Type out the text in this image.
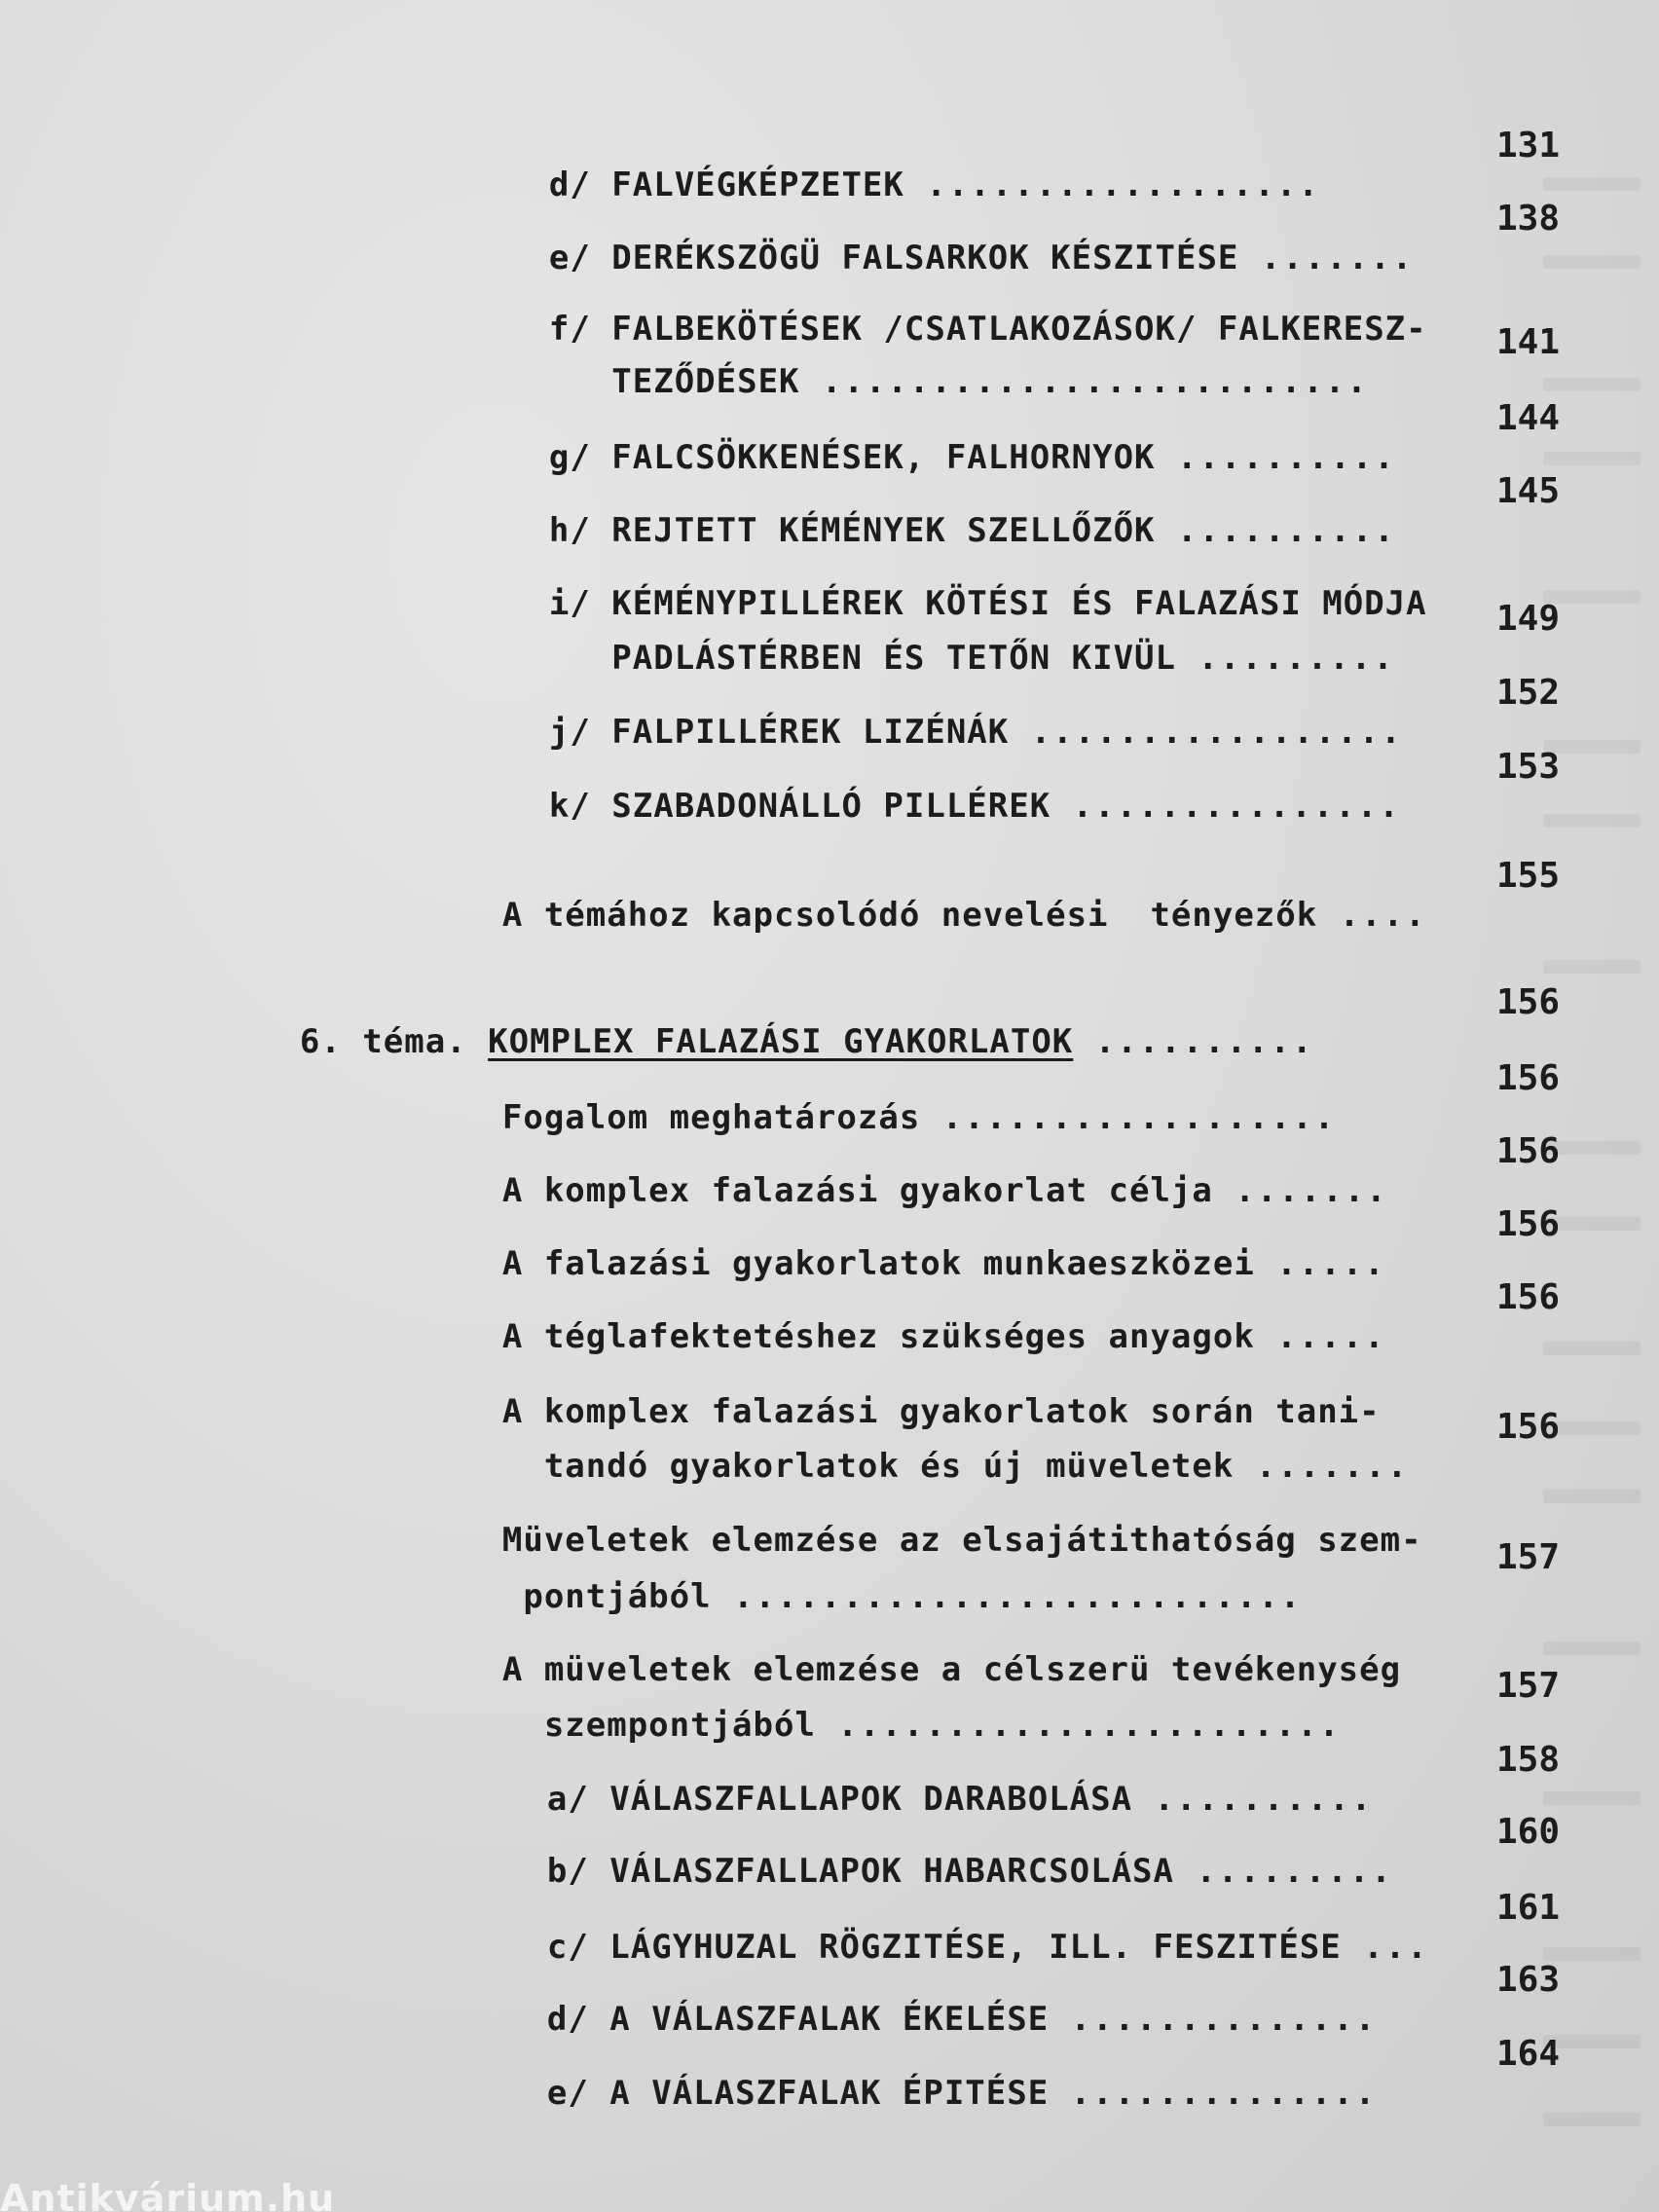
d/ FALVÉGKÉPZETEK ..................

131

e/ DERÉKSZÖGÜ FALSARKOK KÉSZITÉSE .......

138

f/ FALBEKÖTÉSEK /CSATLAKOZÁSOK/ FALKERESZ-

TEZŐDÉSEK .........................

141

g/ FALCSÖKKENÉSEK, FALHORNYOK ..........

144

h/ REJTETT KÉMÉNYEK SZELLŐZŐK ..........

145

i/ KÉMÉNYPILLÉREK KÖTÉSI ÉS FALAZÁSI MÓDJA

PADLÁSTÉRBEN ÉS TETŐN KIVÜL .........

149

j/ FALPILLÉREK LIZÉNÁK .................

152

k/ SZABADONÁLLÓ PILLÉREK ...............

153

A témához kapcsolódó nevelési  tényezők ....

155

6. téma. KOMPLEX FALAZÁSI GYAKORLATOK ..........

156

Fogalom meghatározás ..................

156

A komplex falazási gyakorlat célja .......

156

A falazási gyakorlatok munkaeszközei .....

156

A téglafektetéshez szükséges anyagok .....

156

A komplex falazási gyakorlatok során tani-

tandó gyakorlatok és új müveletek .......

156

Müveletek elemzése az elsajátithatóság szem-

pontjából ..........................

157

A müveletek elemzése a célszerü tevékenység

szempontjából .......................

157

a/ VÁLASZFALLAPOK DARABOLÁSA ..........

158

b/ VÁLASZFALLAPOK HABARCSOLÁSA .........

160

c/ LÁGYHUZAL RÖGZITÉSE, ILL. FESZITÉSE ...

161

d/ A VÁLASZFALAK ÉKELÉSE ..............

163

e/ A VÁLASZFALAK ÉPITÉSE ..............

164
Antikvárium.hu
